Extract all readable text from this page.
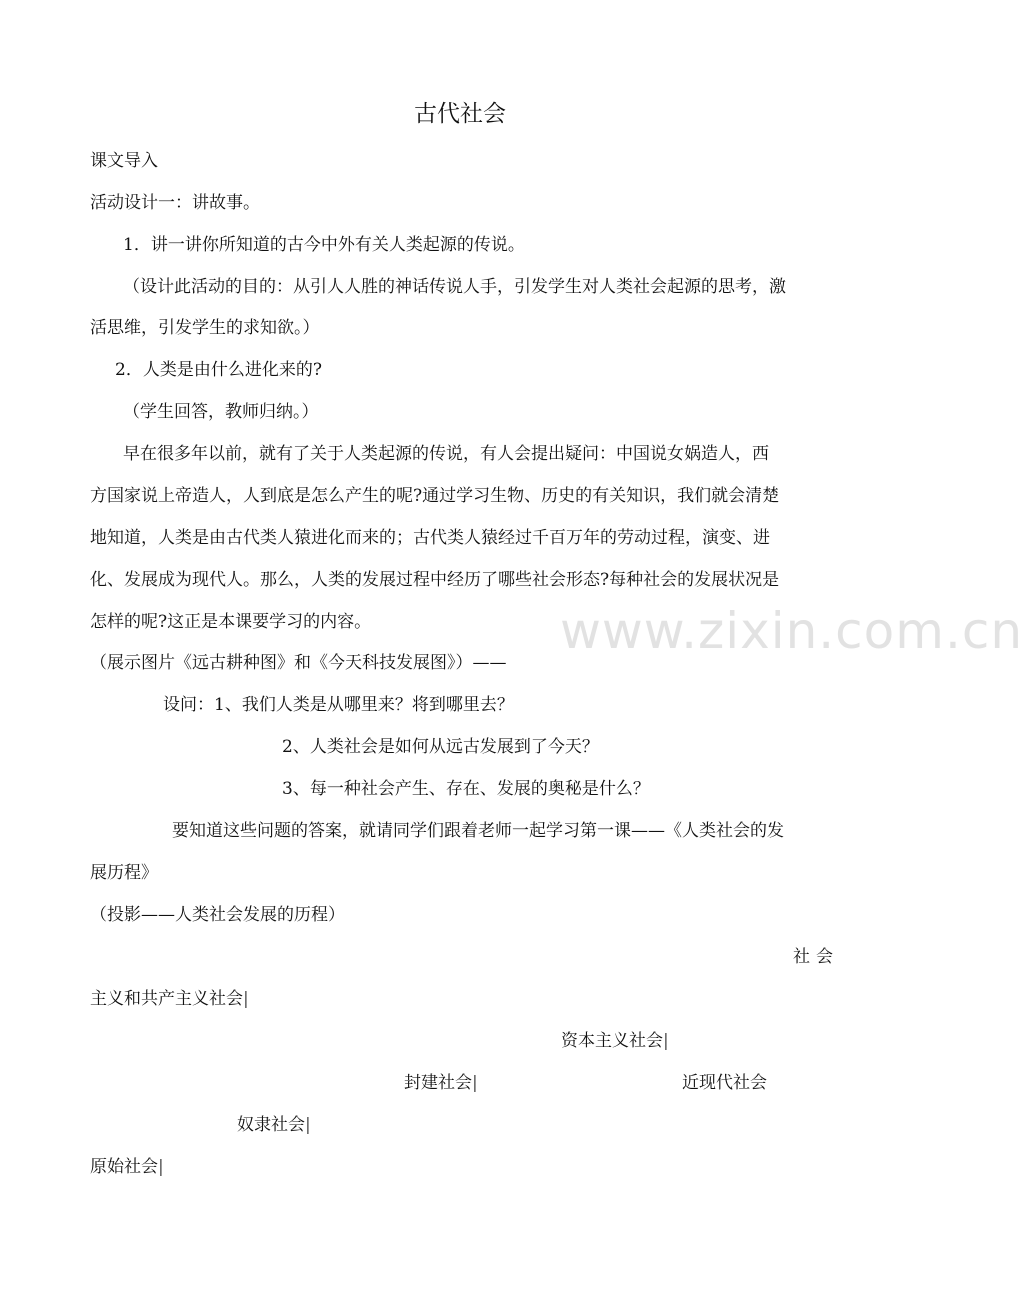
古代社会
课文导入
活动设计一：讲故事。
1．讲一讲你所知道的古今中外有关人类起源的传说。
（设计此活动的目的：从引人人胜的神话传说人手，引发学生对人类社会起源的思考，激
活思维，引发学生的求知欲。）
2．人类是由什么进化来的?
（学生回答，教师归纳。）
早在很多年以前，就有了关于人类起源的传说，有人会提出疑问：中国说女娲造人，西
方国家说上帝造人，人到底是怎么产生的呢?通过学习生物、历史的有关知识，我们就会清楚
地知道，人类是由古代类人猿进化而来的；古代类人猿经过千百万年的劳动过程，演变、进
化、发展成为现代人。那么，人类的发展过程中经历了哪些社会形态?每种社会的发展状况是
怎样的呢?这正是本课要学习的内容。	www.zixin.com.cn
（展示图片《远古耕种图》和《今天科技发展图》）——
设问：1、我们人类是从哪里来？将到哪里去？
2、人类社会是如何从远古发展到了今天？
3、每一种社会产生、存在、发展的奥秘是什么？
要知道这些问题的答案，就请同学们跟着老师一起学习第一课——《人类社会的发
展历程》
（投影——人类社会发展的历程）
社会
主义和共产主义社会|
资本主义社会|
封建社会|	近现代社会
奴隶社会|
原始社会|
